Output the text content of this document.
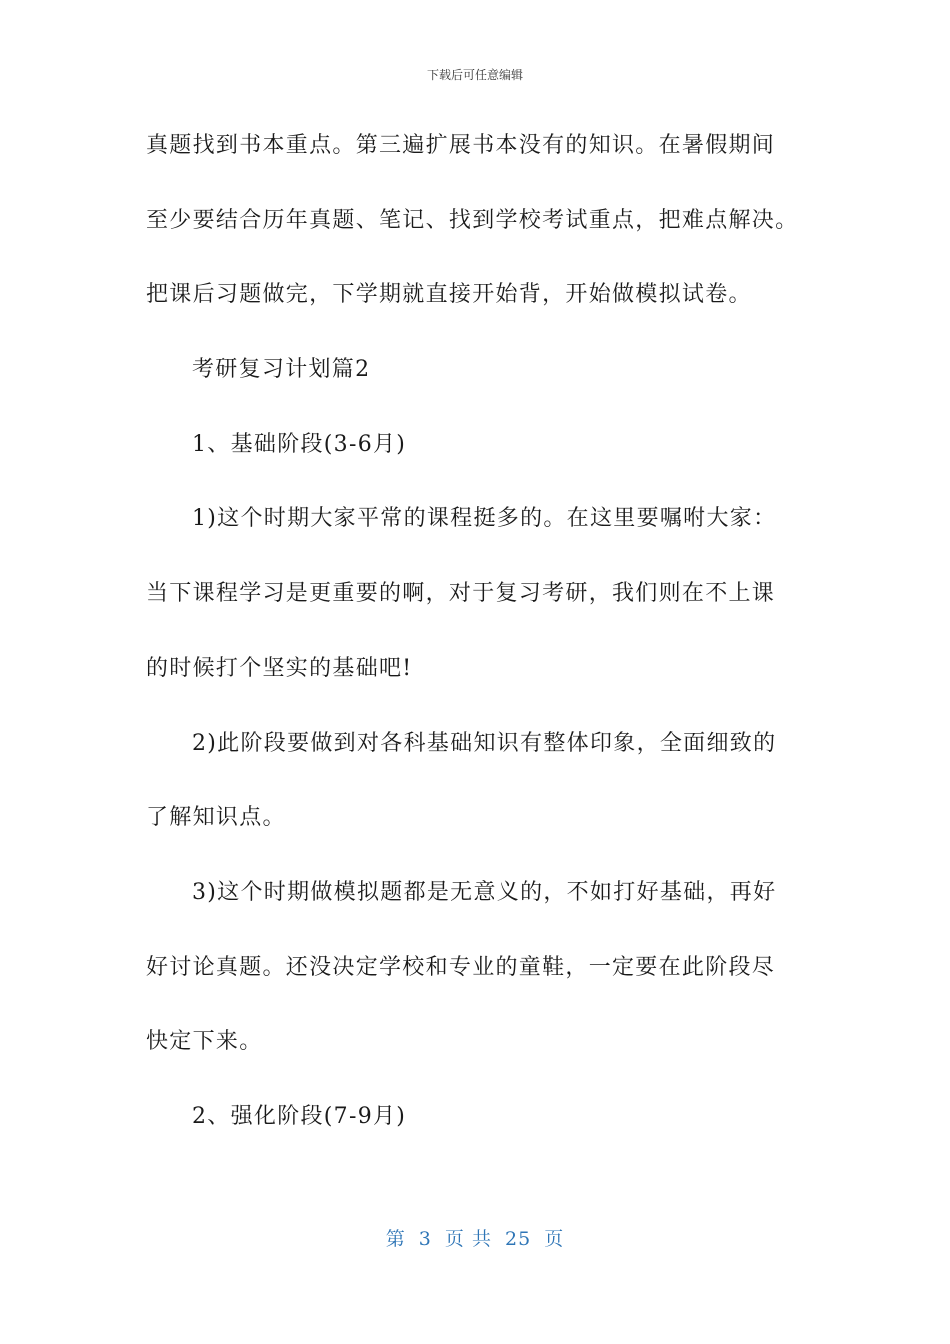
下载后可任意编辑
真题找到书本重点。第三遍扩展书本没有的知识。在暑假期间
至少要结合历年真题、笔记、找到学校考试重点，把难点解决。
把课后习题做完，下学期就直接开始背，开始做模拟试卷。
考研复习计划篇2
1、基础阶段(3-6月)
1)这个时期大家平常的课程挺多的。在这里要嘱咐大家：
当下课程学习是更重要的啊，对于复习考研，我们则在不上课
的时候打个坚实的基础吧!
2)此阶段要做到对各科基础知识有整体印象，全面细致的
了解知识点。
3)这个时期做模拟题都是无意义的，不如打好基础，再好
好讨论真题。还没决定学校和专业的童鞋，一定要在此阶段尽
快定下来。
2、强化阶段(7-9月)
第 3 页 共 25 页
